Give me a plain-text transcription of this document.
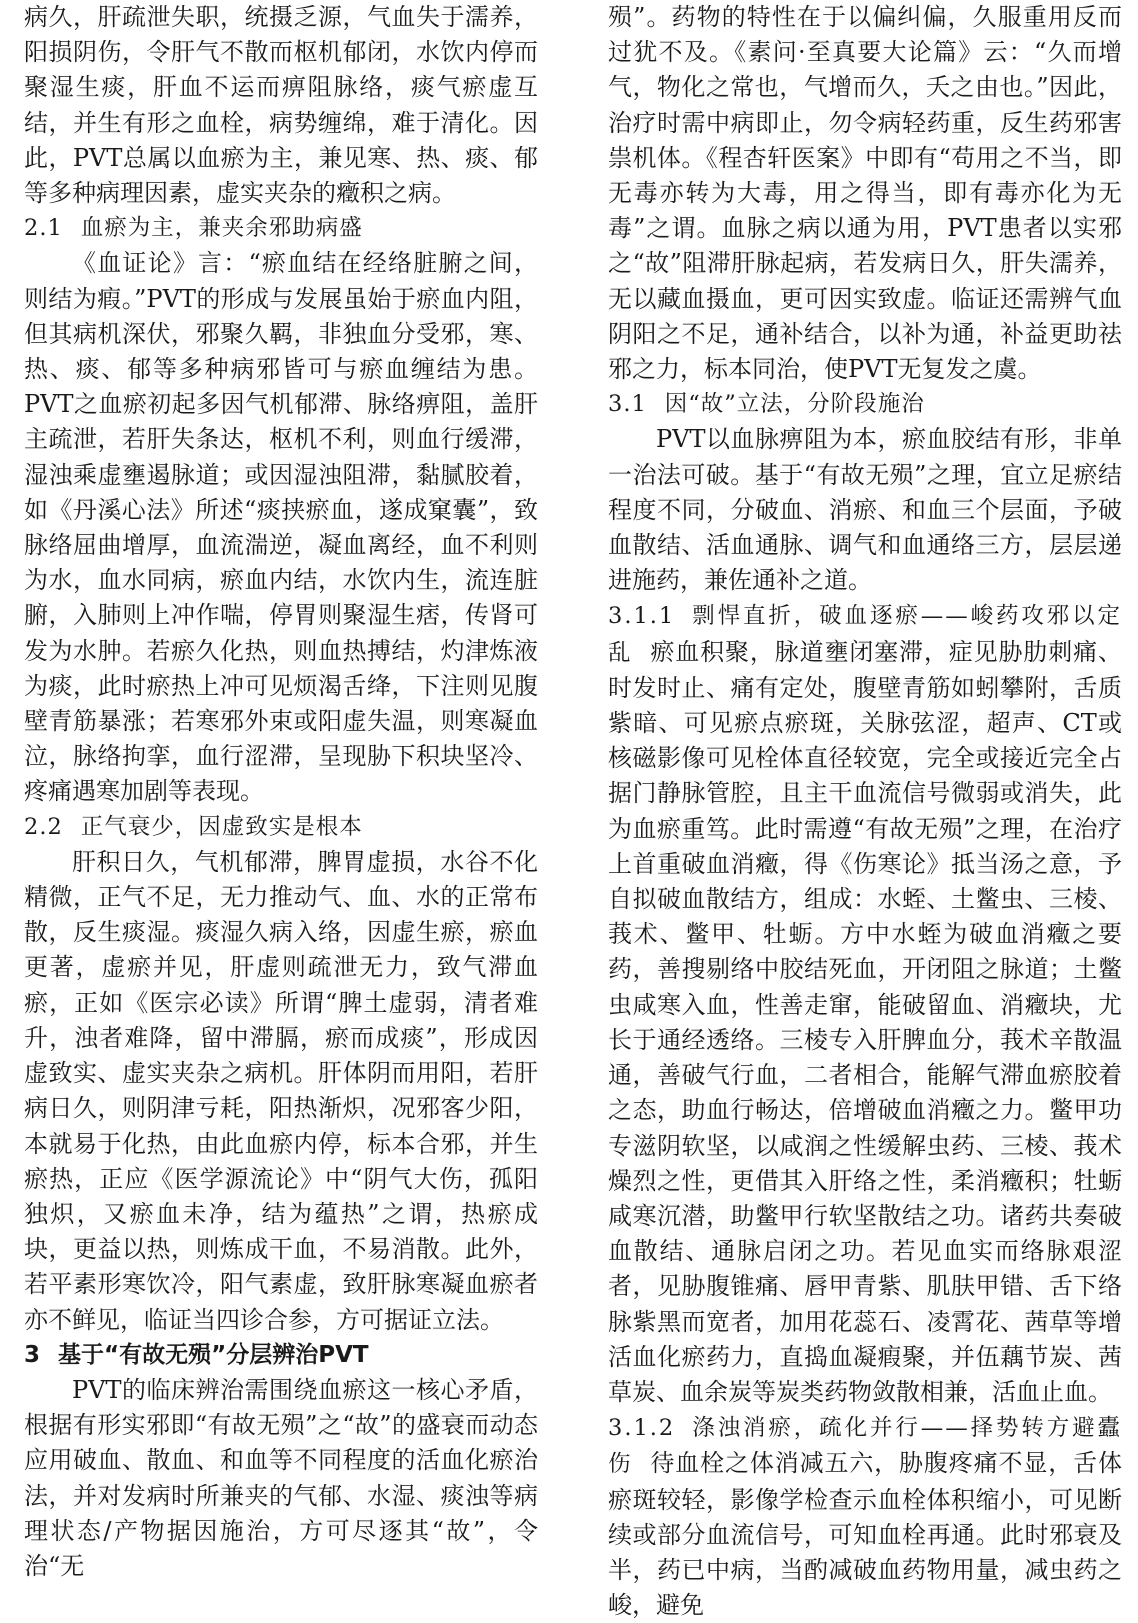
病久，肝疏泄失职，统摄乏源，气血失于濡养，阳损阴伤，令肝气不散而枢机郁闭，水饮内停而聚湿生痰，肝血不运而痹阻脉络，痰气瘀虚互结，并生有形之血栓，病势缠绵，难于清化。因此，PVT总属以血瘀为主，兼见寒、热、痰、郁等多种病理因素，虚实夹杂的癥积之病。

2.1 血瘀为主，兼夹余邪助病盛

《血证论》言：“瘀血结在经络脏腑之间，则结为瘕。”PVT的形成与发展虽始于瘀血内阻，但其病机深伏，邪聚久羁，非独血分受邪，寒、热、痰、郁等多种病邪皆可与瘀血缠结为患。PVT之血瘀初起多因气机郁滞、脉络痹阻，盖肝主疏泄，若肝失条达，枢机不利，则血行缓滞，湿浊乘虚壅遏脉道；或因湿浊阻滞，黏腻胶着，如《丹溪心法》所述“痰挟瘀血，遂成窠囊”，致脉络屈曲增厚，血流湍逆，凝血离经，血不利则为水，血水同病，瘀血内结，水饮内生，流连脏腑，入肺则上冲作喘，停胃则聚湿生痞，传肾可发为水肿。若瘀久化热，则血热搏结，灼津炼液为痰，此时瘀热上冲可见烦渴舌绛，下注则见腹壁青筋暴涨；若寒邪外束或阳虚失温，则寒凝血泣，脉络拘挛，血行涩滞，呈现胁下积块坚冷、疼痛遇寒加剧等表现。

2.2 正气衰少，因虚致实是根本

肝积日久，气机郁滞，脾胃虚损，水谷不化精微，正气不足，无力推动气、血、水的正常布散，反生痰湿。痰湿久病入络，因虚生瘀，瘀血更著，虚瘀并见，肝虚则疏泄无力，致气滞血瘀，正如《医宗必读》所谓“脾土虚弱，清者难升，浊者难降，留中滞膈，瘀而成痰”，形成因虚致实、虚实夹杂之病机。肝体阴而用阳，若肝病日久，则阴津亏耗，阳热渐炽，况邪客少阳，本就易于化热，由此血瘀内停，标本合邪，并生瘀热，正应《医学源流论》中“阴气大伤，孤阳独炽，又瘀血未净，结为蕴热”之谓，热瘀成块，更益以热，则炼成干血，不易消散。此外，若平素形寒饮冷，阳气素虚，致肝脉寒凝血瘀者亦不鲜见，临证当四诊合参，方可据证立法。

3 基于“有故无殒”分层辨治PVT

PVT的临床辨治需围绕血瘀这一核心矛盾，根据有形实邪即“有故无殒”之“故”的盛衰而动态应用破血、散血、和血等不同程度的活血化瘀治法，并对发病时所兼夹的气郁、水湿、痰浊等病理状态/产物据因施治，方可尽逐其“故”，令治“无

殒”。药物的特性在于以偏纠偏，久服重用反而过犹不及。《素问·至真要大论篇》云：“久而增气，物化之常也，气增而久，夭之由也。”因此，治疗时需中病即止，勿令病轻药重，反生药邪害祟机体。《程杏轩医案》中即有“苟用之不当，即无毒亦转为大毒，用之得当，即有毒亦化为无毒”之谓。血脉之病以通为用，PVT患者以实邪之“故”阻滞肝脉起病，若发病日久，肝失濡养，无以藏血摄血，更可因实致虚。临证还需辨气血阴阳之不足，通补结合，以补为通，补益更助祛邪之力，标本同治，使PVT无复发之虞。

3.1 因“故”立法，分阶段施治

PVT以血脉痹阻为本，瘀血胶结有形，非单一治法可破。基于“有故无殒”之理，宜立足瘀结程度不同，分破血、消瘀、和血三个层面，予破血散结、活血通脉、调气和血通络三方，层层递进施药，兼佐通补之道。

3.1.1 剽悍直折，破血逐瘀——峻药攻邪以定乱 瘀血积聚，脉道壅闭塞滞，症见胁肋刺痛、时发时止、痛有定处，腹壁青筋如蚓攀附，舌质紫暗、可见瘀点瘀斑，关脉弦涩，超声、CT或核磁影像可见栓体直径较宽，完全或接近完全占据门静脉管腔，且主干血流信号微弱或消失，此为血瘀重笃。此时需遵“有故无殒”之理，在治疗上首重破血消癥，得《伤寒论》抵当汤之意，予自拟破血散结方，组成：水蛭、土鳖虫、三棱、莪术、鳖甲、牡蛎。方中水蛭为破血消癥之要药，善搜剔络中胶结死血，开闭阻之脉道；土鳖虫咸寒入血，性善走窜，能破留血、消癥块，尤长于通经透络。三棱专入肝脾血分，莪术辛散温通，善破气行血，二者相合，能解气滞血瘀胶着之态，助血行畅达，倍增破血消癥之力。鳖甲功专滋阴软坚，以咸润之性缓解虫药、三棱、莪术燥烈之性，更借其入肝络之性，柔消癥积；牡蛎咸寒沉潜，助鳖甲行软坚散结之功。诸药共奏破血散结、通脉启闭之功。若见血实而络脉艰涩者，见胁腹锥痛、唇甲青紫、肌肤甲错、舌下络脉紫黑而宽者，加用花蕊石、凌霄花、茜草等增活血化瘀药力，直捣血凝瘕聚，并伍藕节炭、茜草炭、血余炭等炭类药物敛散相兼，活血止血。

3.1.2 涤浊消瘀，疏化并行——择势转方避蠹伤 待血栓之体消减五六，胁腹疼痛不显，舌体瘀斑较轻，影像学检查示血栓体积缩小，可见断续或部分血流信号，可知血栓再通。此时邪衰及半，药已中病，当酌减破血药物用量，减虫药之峻，避免
